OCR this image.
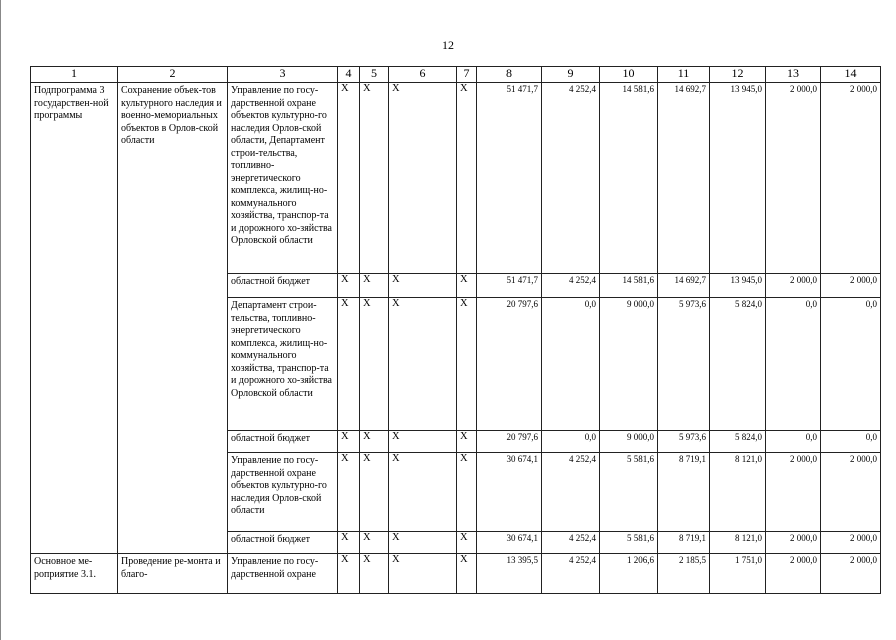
12
1	2	3	4	5	6	7	8	9	10	11	12	13	14
Подпрограмма 3 государствен-ной программы	Сохранение объек-тов культурного наследия и военно-мемориальных объектов в Орлов-ской области	Управление по госу-дарственной охране объектов культурно-го наследия Орлов-ской области, Департамент строи-тельства, топливно-энергетического комплекса, жилищ-но-коммунального хозяйства, транспор-та и дорожного хо-зяйства Орловской области	X	X	X	X	51 471,7	4 252,4	14 581,6	14 692,7	13 945,0	2 000,0	2 000,0
		областной бюджет	X	X	X	X	51 471,7	4 252,4	14 581,6	14 692,7	13 945,0	2 000,0	2 000,0
		Департамент строи-тельства, топливно-энергетического комплекса, жилищ-но-коммунального хозяйства, транспор-та и дорожного хо-зяйства Орловской области	X	X	X	X	20 797,6	0,0	9 000,0	5 973,6	5 824,0	0,0	0,0
		областной бюджет	X	X	X	X	20 797,6	0,0	9 000,0	5 973,6	5 824,0	0,0	0,0
		Управление по госу-дарственной охране объектов культурно-го наследия Орлов-ской области	X	X	X	X	30 674,1	4 252,4	5 581,6	8 719,1	8 121,0	2 000,0	2 000,0
		областной бюджет	X	X	X	X	30 674,1	4 252,4	5 581,6	8 719,1	8 121,0	2 000,0	2 000,0
Основное ме-роприятие 3.1.	Проведение ре-монта и благо-	Управление по госу-дарственной охране	X	X	X	X	13 395,5	4 252,4	1 206,6	2 185,5	1 751,0	2 000,0	2 000,0
